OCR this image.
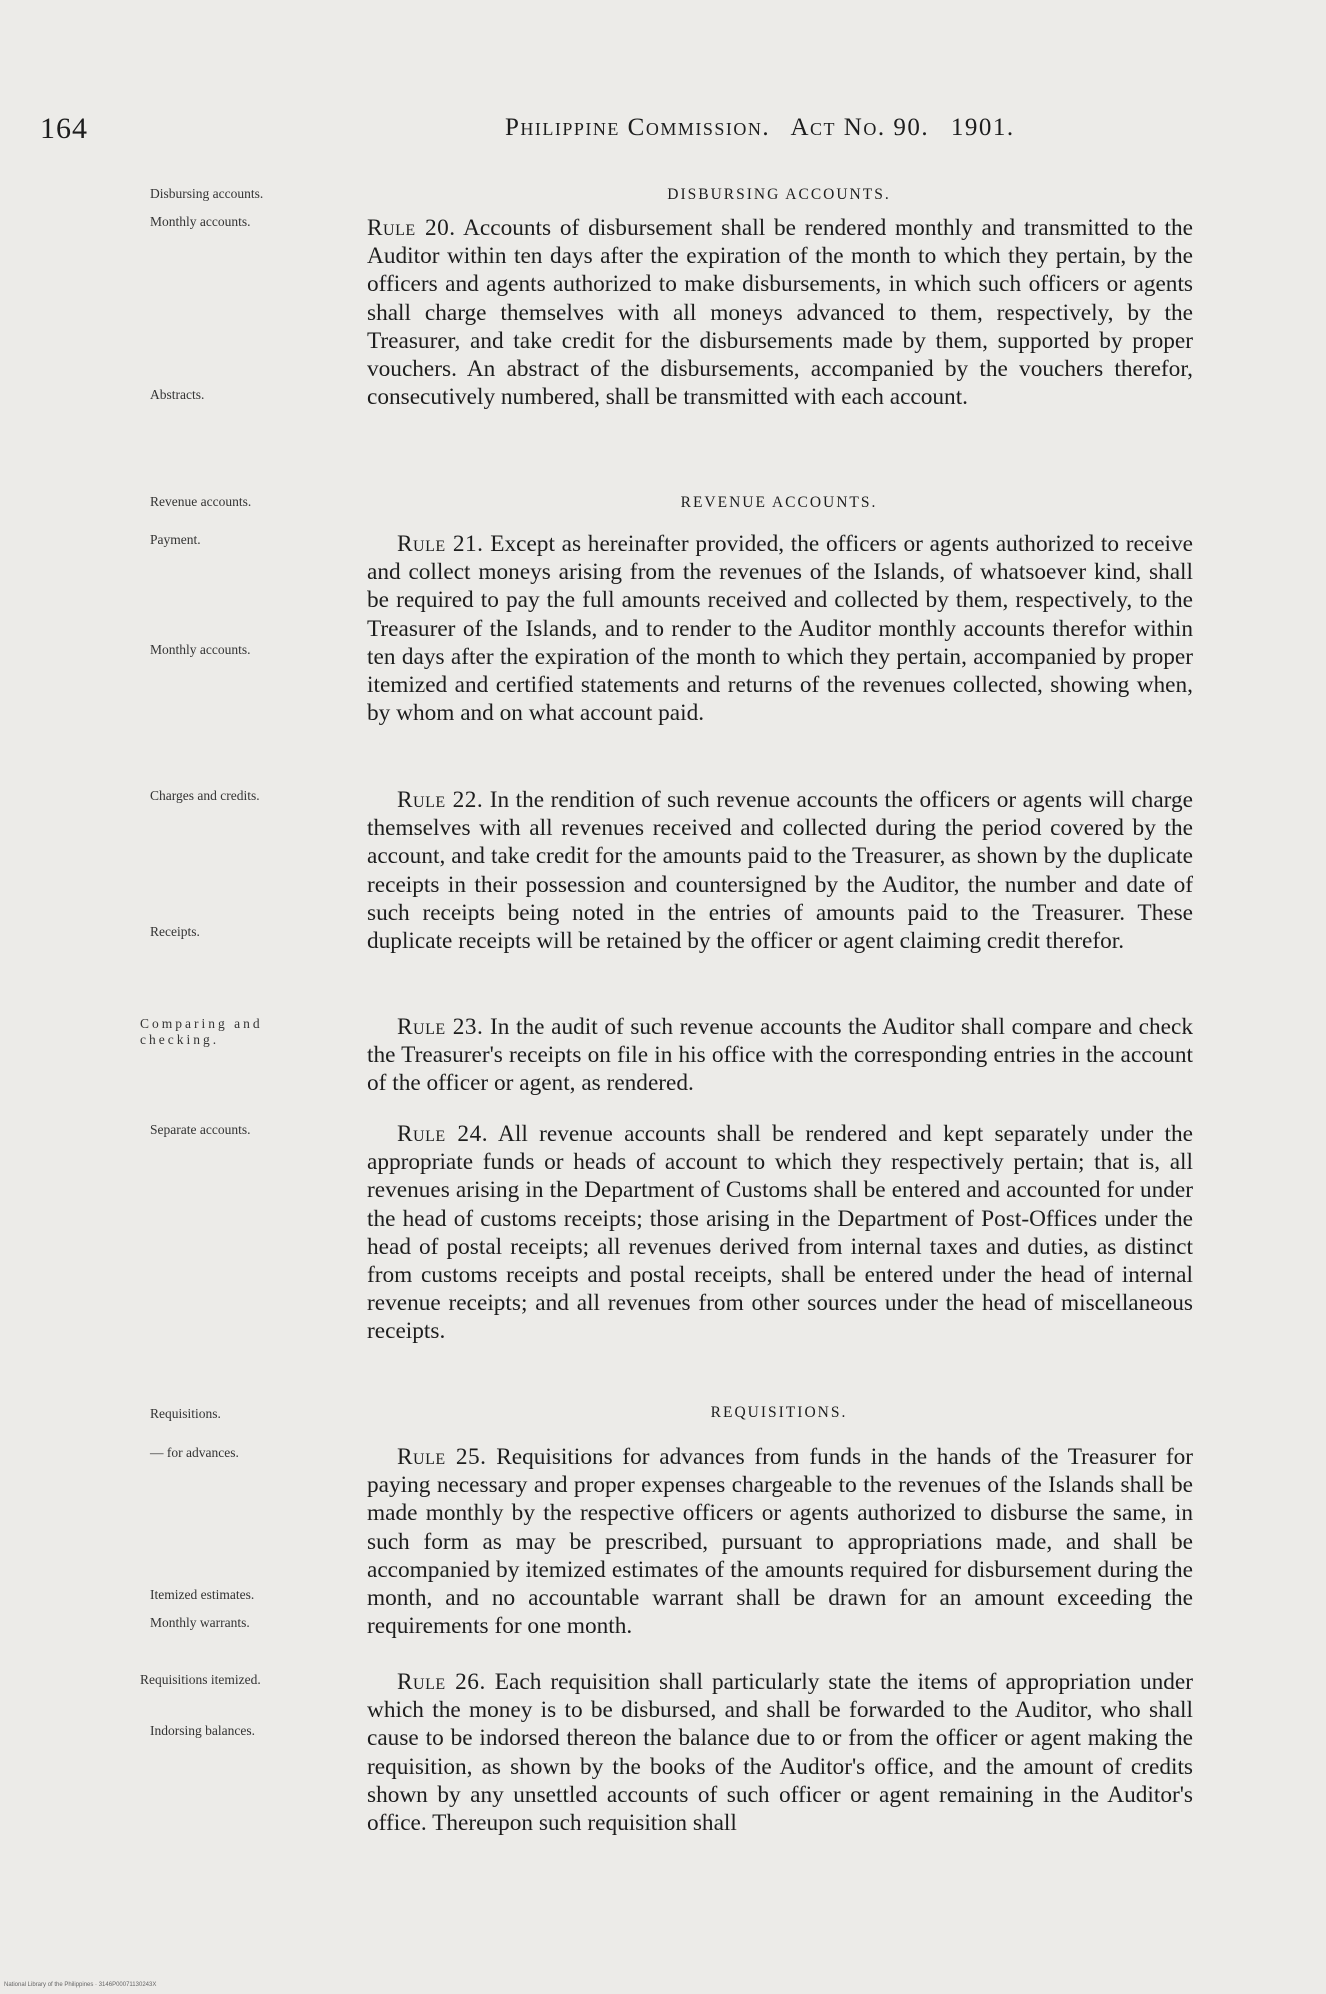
164	Philippine Commission. Act No. 90. 1901.
Disbursing accounts.
Monthly accounts.
Abstracts.
Revenue accounts.
Payment.
Monthly accounts.
Charges and credits.
Receipts.
Comparing and checking.
Separate accounts.
Requisitions.
— for advances.
Itemized estimates.
Monthly warrants.
Requisitions itemized.
Indorsing balances.
DISBURSING ACCOUNTS.
REVENUE ACCOUNTS.
REQUISITIONS.

Rule 20. Accounts of disbursement shall be rendered monthly and transmitted to the Auditor within ten days after the expiration of the month to which they pertain, by the officers and agents authorized to make disbursements, in which such officers or agents shall charge themselves with all moneys advanced to them, respectively, by the Treasurer, and take credit for the disbursements made by them, supported by proper vouchers. An abstract of the disbursements, accompanied by the vouchers therefor, consecutively numbered, shall be transmitted with each account.

Rule 21. Except as hereinafter provided, the officers or agents authorized to receive and collect moneys arising from the revenues of the Islands, of whatsoever kind, shall be required to pay the full amounts received and collected by them, respectively, to the Treasurer of the Islands, and to render to the Auditor monthly accounts therefor within ten days after the expiration of the month to which they pertain, accompanied by proper itemized and certified statements and returns of the revenues collected, showing when, by whom and on what account paid.

Rule 22. In the rendition of such revenue accounts the officers or agents will charge themselves with all revenues received and collected during the period covered by the account, and take credit for the amounts paid to the Treasurer, as shown by the duplicate receipts in their possession and countersigned by the Auditor, the number and date of such receipts being noted in the entries of amounts paid to the Treasurer. These duplicate receipts will be retained by the officer or agent claiming credit therefor.

Rule 23. In the audit of such revenue accounts the Auditor shall compare and check the Treasurer's receipts on file in his office with the corresponding entries in the account of the officer or agent, as rendered.

Rule 24. All revenue accounts shall be rendered and kept separately under the appropriate funds or heads of account to which they respectively pertain; that is, all revenues arising in the Department of Customs shall be entered and accounted for under the head of customs receipts; those arising in the Department of Post-Offices under the head of postal receipts; all revenues derived from internal taxes and duties, as distinct from customs receipts and postal receipts, shall be entered under the head of internal revenue receipts; and all revenues from other sources under the head of miscellaneous receipts.

Rule 25. Requisitions for advances from funds in the hands of the Treasurer for paying necessary and proper expenses chargeable to the revenues of the Islands shall be made monthly by the respective officers or agents authorized to disburse the same, in such form as may be prescribed, pursuant to appropriations made, and shall be accompanied by itemized estimates of the amounts required for disbursement during the month, and no accountable warrant shall be drawn for an amount exceeding the requirements for one month.

Rule 26. Each requisition shall particularly state the items of appropriation under which the money is to be disbursed, and shall be forwarded to the Auditor, who shall cause to be indorsed thereon the balance due to or from the officer or agent making the requisition, as shown by the books of the Auditor's office, and the amount of credits shown by any unsettled accounts of such officer or agent remaining in the Auditor's office. Thereupon such requisition shall

National Library of the Philippines · 3146P00071130243X
